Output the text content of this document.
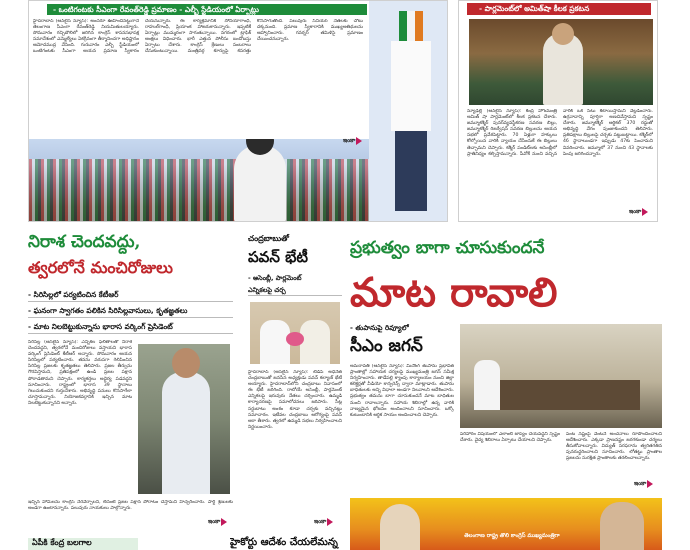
- ఒంటిగంటకు సీఎంగా రేవంత్‌రెడ్డి ప్రమాణం - ఎల్బీ స్టేడియంలో ఏర్పాట్లు
హైదరాబాద్‌ (ఆన్‌లైన్‌ న్యూస్‌): అందరూ ఊహించినట్టుగానే తెలంగాణ సీఎంగా రేవంత్‌రెడ్డి నియమితులయ్యారు. సోమవారం గచ్చిబౌలిలో జరిగిన కాంగ్రెస్‌ శాసనసభాపక్ష సమావేశంలో ఎమ్మెల్యేలు ఏకగ్రీవంగా తీర్మానించగా అధిష్టానం ఆమోదముద్ర వేసింది. గురువారం ఎల్బీ స్టేడియంలో ఒంటిగంటకు సీఎంగా ఆయన ప్రమాణ స్వీకారం చేయనున్నారు. ఈ కార్యక్రమానికి సోనియాగాంధీ, రాహుల్‌గాంధీ, ప్రియాంక హాజరుకానున్నారు. ఇప్పటికే ఏర్పాట్లు ముమ్మరంగా సాగుతున్నాయి. నగరంలో ట్రాఫిక్‌ ఆంక్షలు విధించారు. భారీ ఎత్తున పోలీసు బందోబస్తు ఏర్పాటు చేశారు. కాంగ్రెస్‌ శ్రేణులు సంబరాలు చేసుకుంటున్నాయి. మంత్రివర్గ కూర్పుపై కసరత్తు కొనసాగుతోంది. పలువురు సీనియర్‌ నేతలకు చోటు దక్కనుంది. ప్రమాణ స్వీకారానికి ముఖ్యఅతిథులను ఆహ్వానించారు. గవర్నర్‌ తమిళిసై ప్రమాణం చేయించనున్నారు.
ఇంకా
- పార్లమెంట్‌లో అమిత్‌షా కీలక ప్రకటన
న్యూఢిల్లీ (ఆన్‌లైన్‌ న్యూస్‌): కేంద్ర హోంమంత్రి అమిత్‌ షా పార్లమెంట్‌లో కీలక ప్రకటన చేశారు. జమ్మూకశ్మీర్‌ పునర్‌వ్యవస్థీకరణ సవరణ బిల్లు, జమ్మూకశ్మీర్‌ రిజర్వేషన్‌ సవరణ బిల్లులను ఆయన సభలో ప్రవేశపెట్టారు. 70 ఏళ్లుగా హక్కులు కోల్పోయిన వారికి న్యాయం చేసేందుకే ఈ బిల్లులు తెచ్చామని చెప్పారు. కశ్మీర్‌ పండిట్‌లకు అసెంబ్లీలో ప్రాతినిధ్యం కల్పిస్తామన్నారు. పీవోకే నుంచి వచ్చిన వారికి ఒక సీటు కేటాయిస్తామని వెల్లడించారు. ఉగ్రవాదాన్ని పూర్తిగా అణచివేస్తామని స్పష్టం చేశారు. జమ్మూకశ్మీర్‌ ఆర్టికల్‌ 370 రద్దుతో అభివృద్ధి వేగం పుంజుకుందని తెలిపారు. ప్రతిపక్షాలు బిల్లులపై చర్చకు పట్టుబట్టాయి. కశ్మీర్‌లో 46 స్థానాలుండగా ఇప్పుడు 47కు పెంచామని వివరించారు. జమ్మూలో 37 నుంచి 43 స్థానాలకు పెంపు జరిగిందన్నారు.
ఇంకా
నిరాశ చెందవద్దు,
త్వరలోనే మంచిరోజులు
- సిరిసిల్లలో పర్యటించిన కేటీఆర్‌
- ఘనంగా స్వాగతం పలికిన సిరిసిల్లవాసులు, కృతజ్ఞతలు
- మాట నిలబెట్టుకున్నాను భారాస వర్కింగ్‌ ప్రెసిడెంట్‌
సిరిసిల్ల (ఆన్‌లైన్‌ న్యూస్‌): ఎన్నికల ఫలితాలతో నిరాశ చెందవద్దని, త్వరలోనే మంచిరోజులు వస్తాయని భారాస వర్కింగ్‌ ప్రెసిడెంట్‌ కేటీఆర్‌ అన్నారు. సోమవారం ఆయన సిరిసిల్లలో పర్యటించారు. తనను వరుసగా గెలిపించిన సిరిసిల్ల ప్రజలకు కృతజ్ఞతలు తెలిపారు. ప్రజల తీర్పును గౌరవిస్తామని, ప్రతిపక్షంలో ఉండి ప్రజల పక్షాన పోరాడతామని చెప్పారు. కార్యకర్తలు అధైర్య పడవద్దని సూచించారు. రాష్ట్రంలో భారాస 39 స్థానాలు గెలుచుకుందని గుర్తుచేశారు. అభివృద్ధి పనులు కొనసాగేలా చూస్తామన్నారు. నియోజకవర్గానికి ఇచ్చిన మాట నిలబెట్టుకున్నానని అన్నారు.
ఇచ్చిన హామీలను కాంగ్రెస్‌ నెరవేర్చాలని, లేదంటే ప్రజల పక్షాన పోరాటం చేస్తామని హెచ్చరించారు. పార్టీ శ్రేణులకు అండగా ఉంటానన్నారు. పలువురు నాయకులు పాల్గొన్నారు.
ఇంకా
చంద్రబాబుతో
పవన్‌ భేటీ
- అసెంబ్లీ, పార్లమెంట్‌
ఎన్నికలపై చర్చ
హైదరాబాద్‌ (ఆన్‌లైన్‌ న్యూస్‌): టీడీపీ అధినేత చంద్రబాబుతో జనసేన అధ్యక్షుడు పవన్‌ కల్యాణ్‌ భేటీ అయ్యారు. హైదరాబాద్‌లోని చంద్రబాబు నివాసంలో ఈ భేటీ జరిగింది. రాబోయే అసెంబ్లీ, పార్లమెంట్‌ ఎన్నికలపై ఇరువురు నేతలు చర్చించారు. ఉమ్మడి కార్యాచరణపై సమాలోచనలు జరిపారు. సీట్ల సర్దుబాటు అంశం కూడా చర్చకు వచ్చినట్లు సమాచారం. ఇటీవల చంద్రబాబు ఆరోగ్యంపై పవన్‌ ఆరా తీశారు. త్వరలో ఉమ్మడి సభలు నిర్వహించాలని నిర్ణయించారు.
ఇంకా
ప్రభుత్వం బాగా చూసుకుందనే
మాట రావాలి
- తుపానుపై రివ్యూలో
సీఎం జగన్‌
అమరావతి (ఆన్‌లైన్‌ న్యూస్‌): మిచౌంగ్‌ తుపాను ప్రభావిత ప్రాంతాల్లో సహాయక చర్యలపై ముఖ్యమంత్రి జగన్‌ సమీక్ష నిర్వహించారు. తాడేపల్లి క్యాంపు కార్యాలయం నుంచి జిల్లా కలెక్టర్లతో వీడియో కాన్ఫరెన్స్‌ ద్వారా మాట్లాడారు. తుపాను బాధితులకు అన్ని విధాలా అండగా నిలవాలని ఆదేశించారు. ప్రభుత్వం తమను బాగా చూసుకుందనే మాట బాధితుల నుంచి రావాలన్నారు. సహాయ శిబిరాల్లో ఉన్న వారికి నాణ్యమైన భోజనం అందించాలని సూచించారు. ఒక్కో కుటుంబానికి ఆర్థిక సాయం అందించాలని చెప్పారు.
పరిహారం విషయంలో ఎలాంటి జాప్యం చేయవద్దని స్పష్టం చేశారు. వైద్య శిబిరాలు ఏర్పాటు చేయాలని చెప్పారు.
పంట నష్టంపై వెంటనే అంచనాలు రూపొందించాలని ఆదేశించారు. ఎక్కడా ప్రాణనష్టం జరగకుండా చర్యలు తీసుకోవాలన్నారు. విద్యుత్‌ సరఫరాను త్వరితగతిన పునరుద్ధరించాలని సూచించారు. లోతట్టు ప్రాంతాల ప్రజలను సురక్షిత ప్రాంతాలకు తరలించాలన్నారు.
ఇంకా
తెలంగాణ రాష్ట్ర తొలి కాంగ్రెస్‌ ముఖ్యమంత్రిగా
ఏపీకి కేంద్ర బలగాల	హైకోర్టు ఆదేశం చేయలేమన్న
